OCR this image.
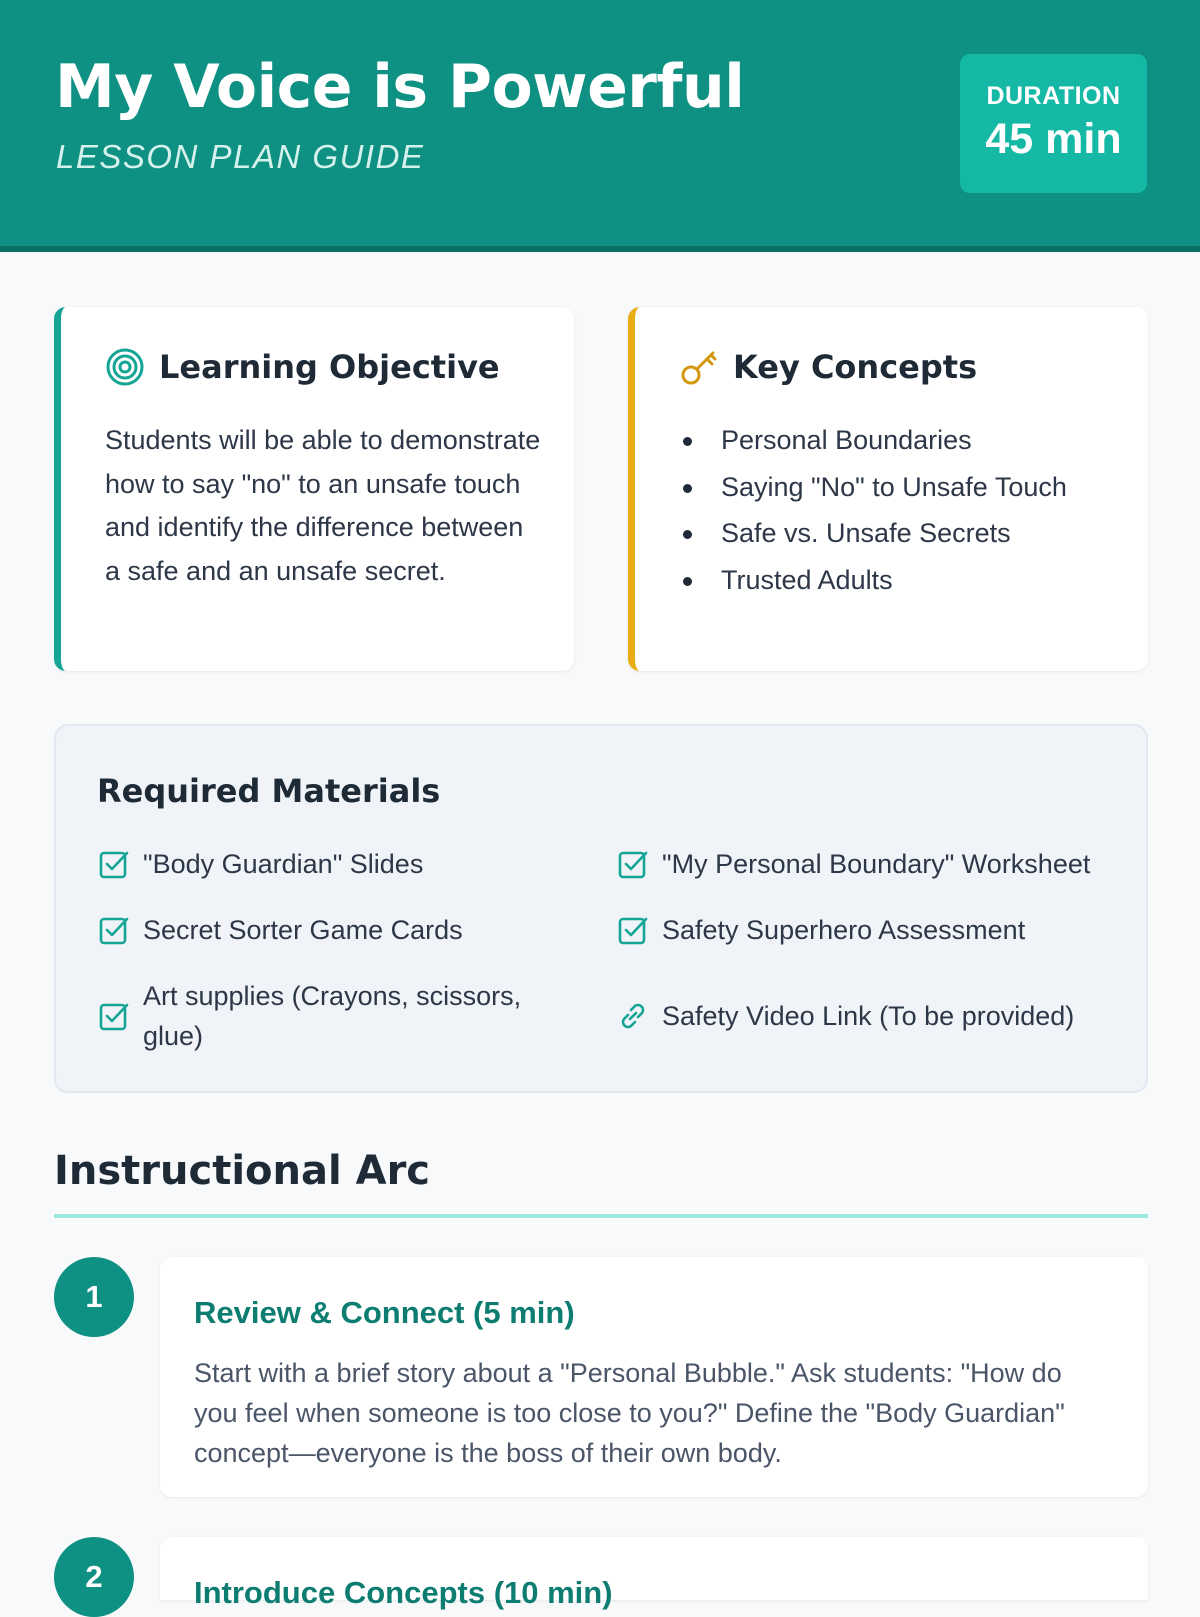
My Voice is Powerful
LESSON PLAN GUIDE
DURATION
45 min
Learning Objective

Students will be able to demonstrate how to say "no" to an unsafe touch and identify the difference between a safe and an unsafe secret.

Key Concepts
Personal Boundaries
Saying "No" to Unsafe Touch
Safe vs. Unsafe Secrets
Trusted Adults
Required Materials
"Body Guardian" Slides	"My Personal Boundary" Worksheet
Secret Sorter Game Cards	Safety Superhero Assessment
Art supplies (Crayons, scissors, glue)
Safety Video Link (To be provided)
Instructional Arc
1	Review & Connect (5 min)

Start with a brief story about a "Personal Bubble." Ask students: "How do you feel when someone is too close to you?" Define the "Body Guardian" concept—everyone is the boss of their own body.

2	Introduce Concepts (10 min)
